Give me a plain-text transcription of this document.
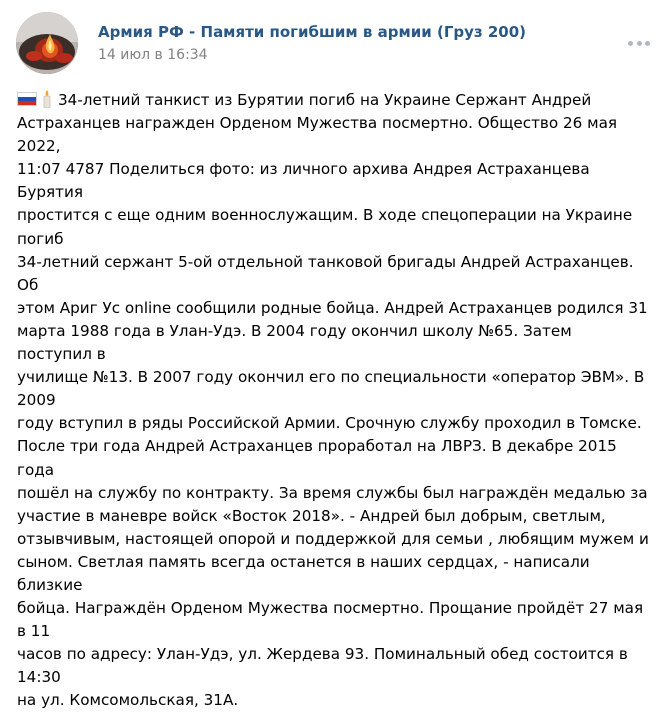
Армия РФ - Памяти погибшим в армии (Груз 200)
14 июл в 16:34
34-летний танкист из Бурятии погиб на Украине Сержант Андрей
Астраханцев награжден Орденом Мужества посмертно. Общество 26 мая 2022,
11:07 4787 Поделиться фото: из личного архива Андрея Астраханцева Бурятия
простится с еще одним военнослужащим. В ходе спецоперации на Украине погиб
34-летний сержант 5-ой отдельной танковой бригады Андрей Астраханцев. Об
этом Ариг Ус online сообщили родные бойца. Андрей Астраханцев родился 31
марта 1988 года в Улан-Удэ. В 2004 году окончил школу №65. Затем поступил в
училище №13. В 2007 году окончил его по специальности «оператор ЭВМ». В 2009
году вступил в ряды Российской Армии. Срочную службу проходил в Томске.
После три года Андрей Астраханцев проработал на ЛВРЗ. В декабре 2015 года
пошёл на службу по контракту. За время службы был награждён медалью за
участие в маневре войск «Восток 2018». - Андрей был добрым, светлым,
отзывчивым, настоящей опорой и поддержкой для семьи , любящим мужем и
сыном. Светлая память всегда останется в наших сердцах, - написали близкие
бойца. Награждён Орденом Мужества посмертно. Прощание пройдёт 27 мая в 11
часов по адресу: Улан-Удэ, ул. Жердева 93. Поминальный обед состоится в 14:30
на ул. Комсомольская, 31А.
